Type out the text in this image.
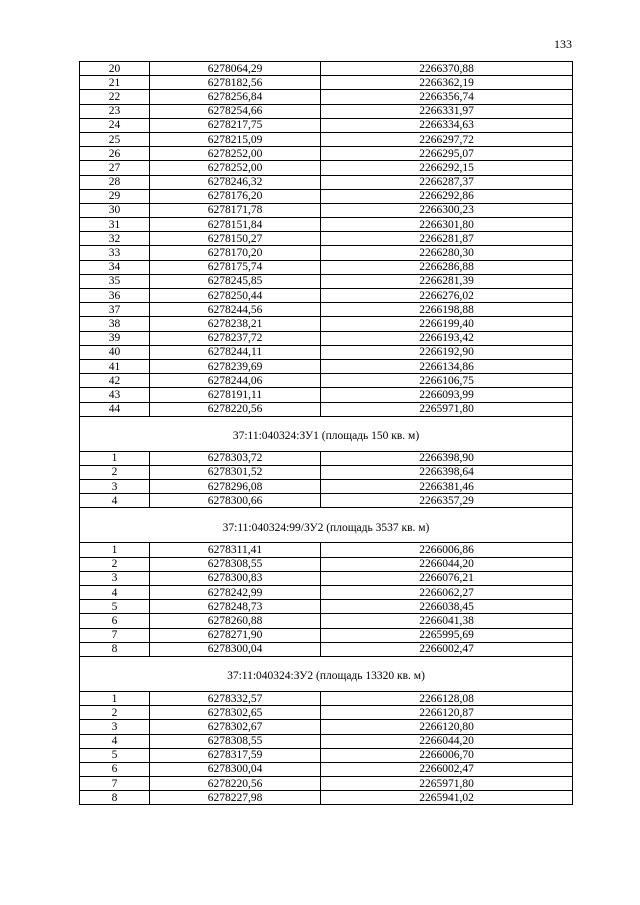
133
20	6278064,29	2266370,88
21	6278182,56	2266362,19
22	6278256,84	2266356,74
23	6278254,66	2266331,97
24	6278217,75	2266334,63
25	6278215,09	2266297,72
26	6278252,00	2266295,07
27	6278252,00	2266292,15
28	6278246,32	2266287,37
29	6278176,20	2266292,86
30	6278171,78	2266300,23
31	6278151,84	2266301,80
32	6278150,27	2266281,87
33	6278170,20	2266280,30
34	6278175,74	2266286,88
35	6278245,85	2266281,39
36	6278250,44	2266276,02
37	6278244,56	2266198,88
38	6278238,21	2266199,40
39	6278237,72	2266193,42
40	6278244,11	2266192,90
41	6278239,69	2266134,86
42	6278244,06	2266106,75
43	6278191,11	2266093,99
44	6278220,56	2265971,80
37:11:040324:ЗУ1 (площадь 150 кв. м)		
1	6278303,72	2266398,90
2	6278301,52	2266398,64
3	6278296,08	2266381,46
4	6278300,66	2266357,29
37:11:040324:99/ЗУ2 (площадь 3537 кв. м)		
1	6278311,41	2266006,86
2	6278308,55	2266044,20
3	6278300,83	2266076,21
4	6278242,99	2266062,27
5	6278248,73	2266038,45
6	6278260,88	2266041,38
7	6278271,90	2265995,69
8	6278300,04	2266002,47
37:11:040324:ЗУ2 (площадь 13320 кв. м)		
1	6278332,57	2266128,08
2	6278302,65	2266120,87
3	6278302,67	2266120,80
4	6278308,55	2266044,20
5	6278317,59	2266006,70
6	6278300,04	2266002,47
7	6278220,56	2265971,80
8	6278227,98	2265941,02
